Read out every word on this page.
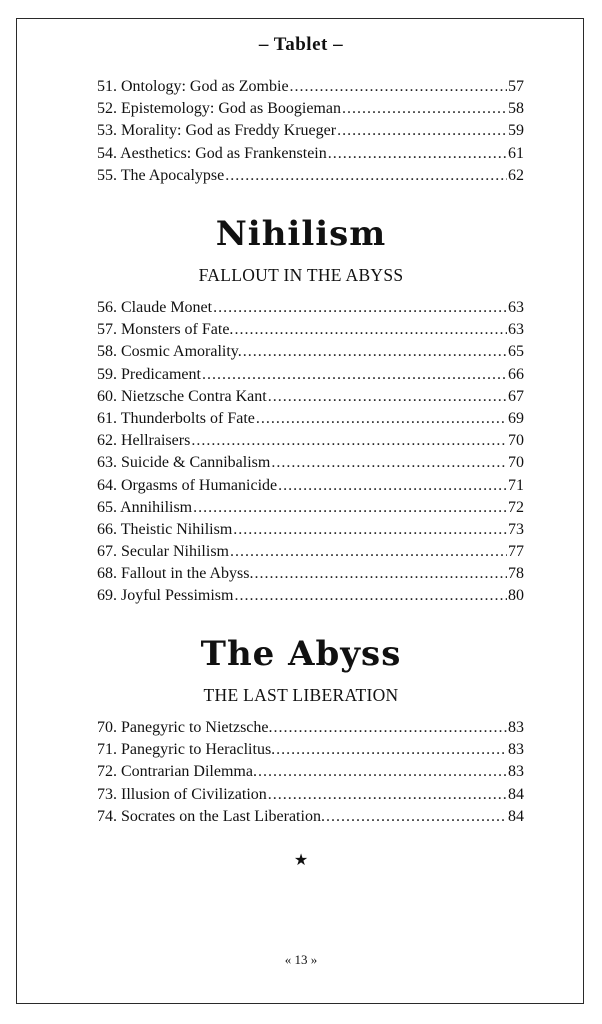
– Tablet –
51. Ontology: God as Zombie .....	57
52. Epistemology: God as Boogieman .....	58
53. Morality: God as Freddy Krueger .....	59
54. Aesthetics: God as Frankenstein .....	61
55. The Apocalypse .....	62
Nihilism
FALLOUT IN THE ABYSS
56. Claude Monet .....	63
57. Monsters of Fate. .....	63
58. Cosmic Amorality. .....	65
59. Predicament .....	66
60. Nietzsche Contra Kant .....	67
61. Thunderbolts of Fate .....	69
62. Hellraisers .....	70
63. Suicide & Cannibalism .....	70
64. Orgasms of Humanicide .....	71
65. Annihilism .....	72
66. Theistic Nihilism .....	73
67. Secular Nihilism .....	77
68. Fallout in the Abyss. .....	78
69. Joyful Pessimism .....	80
The Abyss
THE LAST LIBERATION
70. Panegyric to Nietzsche. .....	83
71. Panegyric to Heraclitus. .....	83
72. Contrarian Dilemma. .....	83
73. Illusion of Civilization .....	84
74. Socrates on the Last Liberation. .....	84
★
« 13 »
